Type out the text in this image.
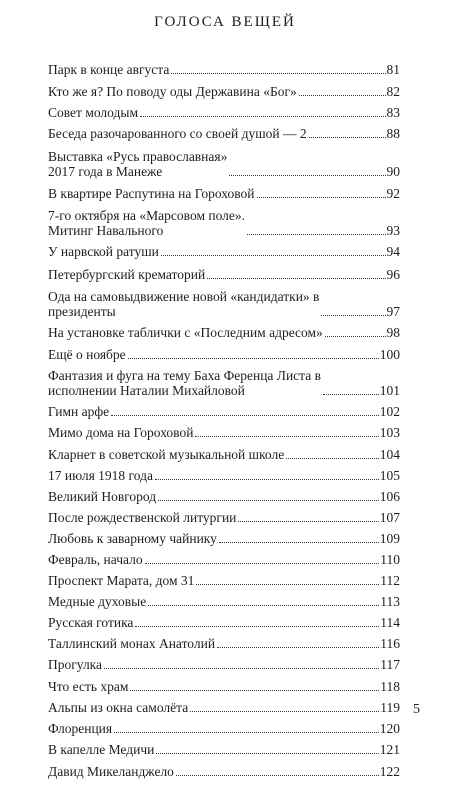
ГОЛОСА ВЕЩЕЙ
Парк в конце августа	81
Кто же я? По поводу оды Державина «Бог»	82
Совет молодым	83
Беседа разочарованного со своей душой — 2	88
Выставка «Русь православная»
2017 года в Манеже	90
В квартире Распутина на Гороховой	92
7-го октября на «Марсовом поле».
Митинг Навального	93
У нарвской ратуши	94
Петербургский крематорий	96
Ода на самовыдвижение новой «кандидатки» в
президенты	97
На установке таблички с «Последним адресом»	98
Ещё о ноябре	100
Фантазия и фуга на тему Баха Ференца Листа в
исполнении Наталии Михайловой	101
Гимн арфе	102
Мимо дома на Гороховой	103
Кларнет в советской музыкальной школе	104
17 июля 1918 года	105
Великий Новгород	106
После рождественской литургии	107
Любовь к заварному чайнику	109
Февраль, начало	110
Проспект Марата, дом 31	112
Медные духовые	113
Русская готика	114
Таллинский монах Анатолий	116
Прогулка	117
Что есть храм	118
Альпы из окна самолёта	119
Флоренция	120
В капелле Медичи	121
Давид Микеланджело	122
5
